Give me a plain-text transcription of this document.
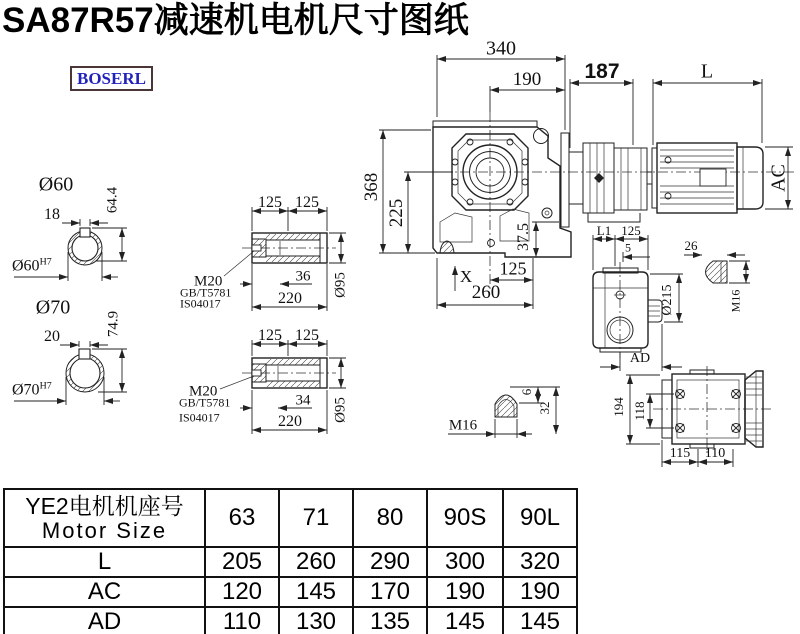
SA87R57减速机电机尺寸图纸
BOSERL
340
190 187	L
AC
368
225
37.5
125
260
X
Ø60
18
64.4
$Ø60^{H7}$
Ø70
20	74.9
$Ø70^{H7}$
125 125
M20
GB/T5781
IS04017
36
220
Ø95
125 125
M20
GB/T5781
IS04017
34
220 Ø95
L1 125
5
Ø215
AD
26
M16
M16
6
32	194 118
115 110
YE2电机机座号
Motor Size	63	71	80	90S	90L
L	205	260	290	300	320
AC	120	145	170	190	190
AD	110	130	135	145	145
